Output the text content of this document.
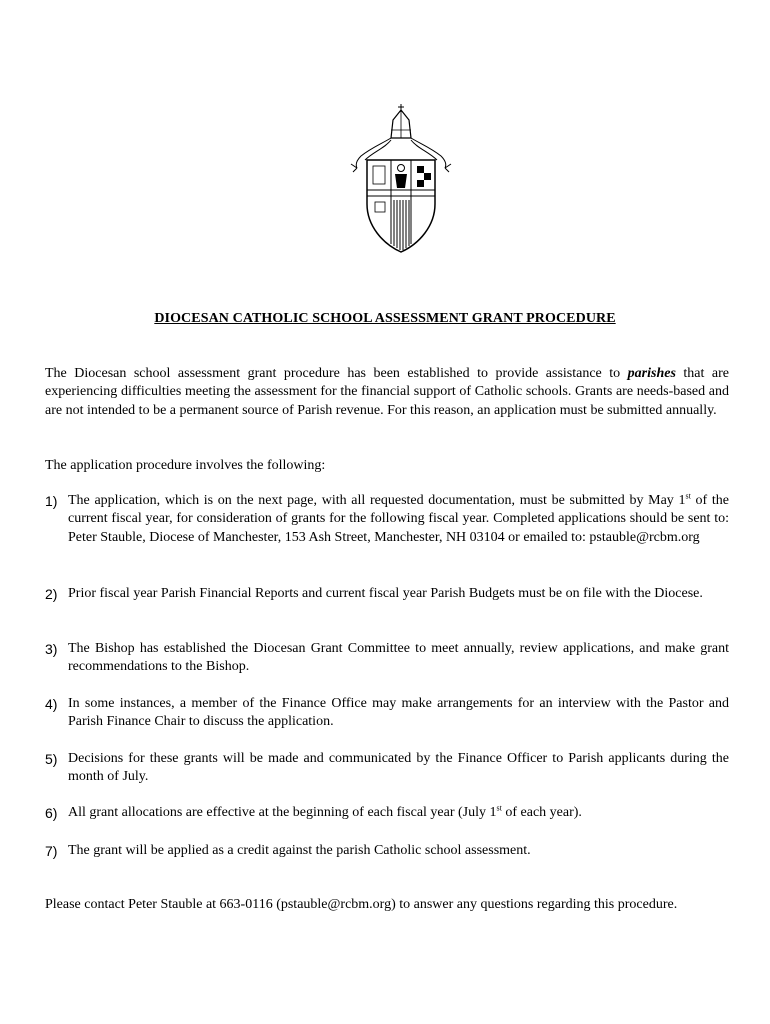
DIOCESAN CATHOLIC SCHOOL ASSESSMENT GRANT PROCEDURE

The Diocesan school assessment grant procedure has been established to provide assistance to parishes that are experiencing difficulties meeting the assessment for the financial support of Catholic schools. Grants are needs-based and are not intended to be a permanent source of Parish revenue. For this reason, an application must be submitted annually.

The application procedure involves the following:

1) The application, which is on the next page, with all requested documentation, must be submitted by May 1st of the current fiscal year, for consideration of grants for the following fiscal year. Completed applications should be sent to: Peter Stauble, Diocese of Manchester, 153 Ash Street, Manchester, NH 03104 or emailed to: pstauble@rcbm.org
2) Prior fiscal year Parish Financial Reports and current fiscal year Parish Budgets must be on file with the Diocese.
3) The Bishop has established the Diocesan Grant Committee to meet annually, review applications, and make grant recommendations to the Bishop.
4) In some instances, a member of the Finance Office may make arrangements for an interview with the Pastor and Parish Finance Chair to discuss the application.
5) Decisions for these grants will be made and communicated by the Finance Officer to Parish applicants during the month of July.
6) All grant allocations are effective at the beginning of each fiscal year (July 1st of each year).
7) The grant will be applied as a credit against the parish Catholic school assessment.

Please contact Peter Stauble at 663-0116 (pstauble@rcbm.org) to answer any questions regarding this procedure.
